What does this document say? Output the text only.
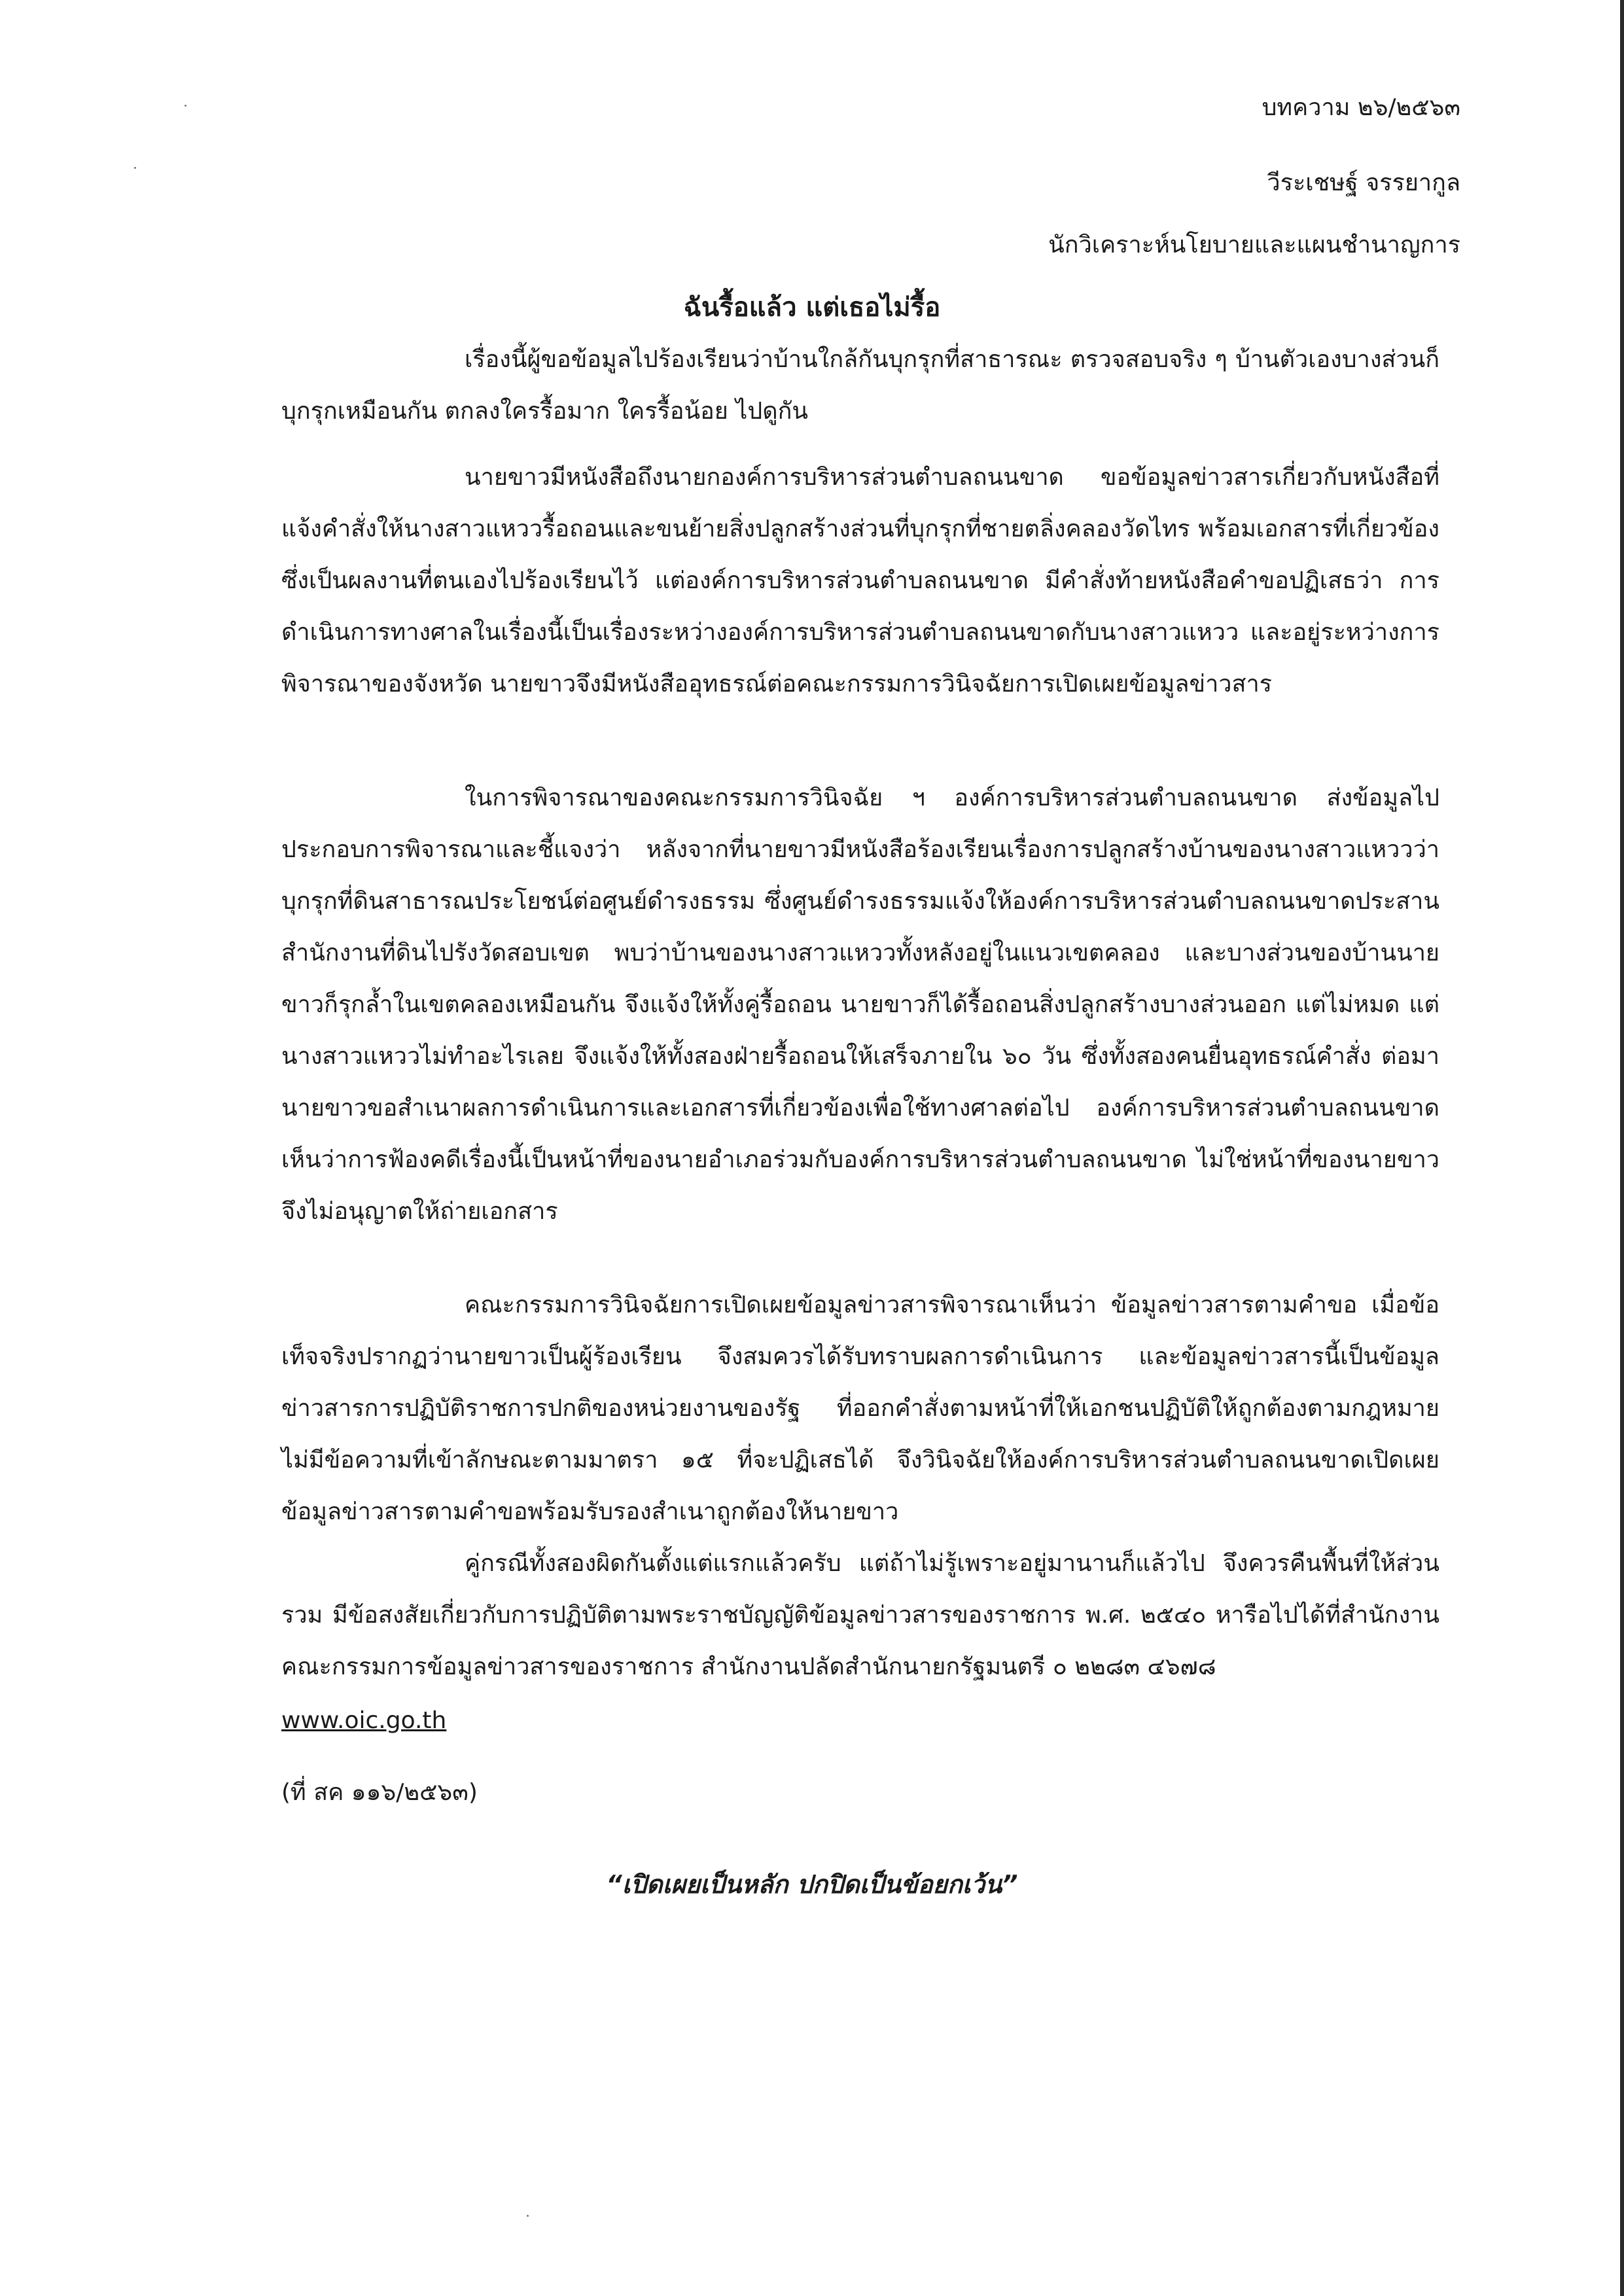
บทความ ๒๖/๒๕๖๓
วีระเชษฐ์ จรรยากูล
นักวิเคราะห์นโยบายและแผนชำนาญการ
ฉันรื้อแล้ว แต่เธอไม่รื้อ
เรื่องนี้ผู้ขอข้อมูลไปร้องเรียนว่าบ้านใกล้กันบุกรุกที่สาธารณะ ตรวจสอบจริง ๆ บ้านตัวเองบางส่วนก็บุกรุกเหมือนกัน ตกลงใครรื้อมาก ใครรื้อน้อย ไปดูกัน
นายขาวมีหนังสือถึงนายกองค์การบริหารส่วนตำบลถนนขาด ขอข้อมูลข่าวสารเกี่ยวกับหนังสือที่แจ้งคำสั่งให้นางสาวแหววรื้อถอนและขนย้ายสิ่งปลูกสร้างส่วนที่บุกรุกที่ชายตลิ่งคลองวัดไทร พร้อมเอกสารที่เกี่ยวข้อง ซึ่งเป็นผลงานที่ตนเองไปร้องเรียนไว้ แต่องค์การบริหารส่วนตำบลถนนขาด มีคำสั่งท้ายหนังสือคำขอปฏิเสธว่า การดำเนินการทางศาลในเรื่องนี้เป็นเรื่องระหว่างองค์การบริหารส่วนตำบลถนนขาดกับนางสาวแหวว และอยู่ระหว่างการพิจารณาของจังหวัด นายขาวจึงมีหนังสืออุทธรณ์ต่อคณะกรรมการวินิจฉัยการเปิดเผยข้อมูลข่าวสาร
ในการพิจารณาของคณะกรรมการวินิจฉัย ฯ องค์การบริหารส่วนตำบลถนนขาด ส่งข้อมูลไปประกอบการพิจารณาและชี้แจงว่า หลังจากที่นายขาวมีหนังสือร้องเรียนเรื่องการปลูกสร้างบ้านของนางสาวแหววว่าบุกรุกที่ดินสาธารณประโยชน์ต่อศูนย์ดำรงธรรม ซึ่งศูนย์ดำรงธรรมแจ้งให้องค์การบริหารส่วนตำบลถนนขาดประสานสำนักงานที่ดินไปรังวัดสอบเขต พบว่าบ้านของนางสาวแหววทั้งหลังอยู่ในแนวเขตคลอง และบางส่วนของบ้านนายขาวก็รุกล้ำในเขตคลองเหมือนกัน จึงแจ้งให้ทั้งคู่รื้อถอน นายขาวก็ได้รื้อถอนสิ่งปลูกสร้างบางส่วนออก แต่ไม่หมด แต่นางสาวแหววไม่ทำอะไรเลย จึงแจ้งให้ทั้งสองฝ่ายรื้อถอนให้เสร็จภายใน ๖๐ วัน ซึ่งทั้งสองคนยื่นอุทธรณ์คำสั่ง ต่อมานายขาวขอสำเนาผลการดำเนินการและเอกสารที่เกี่ยวข้องเพื่อใช้ทางศาลต่อไป องค์การบริหารส่วนตำบลถนนขาดเห็นว่าการฟ้องคดีเรื่องนี้เป็นหน้าที่ของนายอำเภอร่วมกับองค์การบริหารส่วนตำบลถนนขาด ไม่ใช่หน้าที่ของนายขาวจึงไม่อนุญาตให้ถ่ายเอกสาร
คณะกรรมการวินิจฉัยการเปิดเผยข้อมูลข่าวสารพิจารณาเห็นว่า ข้อมูลข่าวสารตามคำขอ เมื่อข้อเท็จจริงปรากฏว่านายขาวเป็นผู้ร้องเรียน จึงสมควรได้รับทราบผลการดำเนินการ และข้อมูลข่าวสารนี้เป็นข้อมูลข่าวสารการปฏิบัติราชการปกติของหน่วยงานของรัฐ ที่ออกคำสั่งตามหน้าที่ให้เอกชนปฏิบัติให้ถูกต้องตามกฎหมาย ไม่มีข้อความที่เข้าลักษณะตามมาตรา ๑๕ ที่จะปฏิเสธได้ จึงวินิจฉัยให้องค์การบริหารส่วนตำบลถนนขาดเปิดเผยข้อมูลข่าวสารตามคำขอพร้อมรับรองสำเนาถูกต้องให้นายขาว
คู่กรณีทั้งสองผิดกันตั้งแต่แรกแล้วครับ แต่ถ้าไม่รู้เพราะอยู่มานานก็แล้วไป จึงควรคืนพื้นที่ให้ส่วนรวม มีข้อสงสัยเกี่ยวกับการปฏิบัติตามพระราชบัญญัติข้อมูลข่าวสารของราชการ พ.ศ. ๒๕๔๐ หารือไปได้ที่สำนักงานคณะกรรมการข้อมูลข่าวสารของราชการ สำนักงานปลัดสำนักนายกรัฐมนตรี ๐ ๒๒๘๓ ๔๖๗๘
www.oic.go.th
(ที่ สค ๑๑๖/๒๕๖๓)
“เปิดเผยเป็นหลัก ปกปิดเป็นข้อยกเว้น”
